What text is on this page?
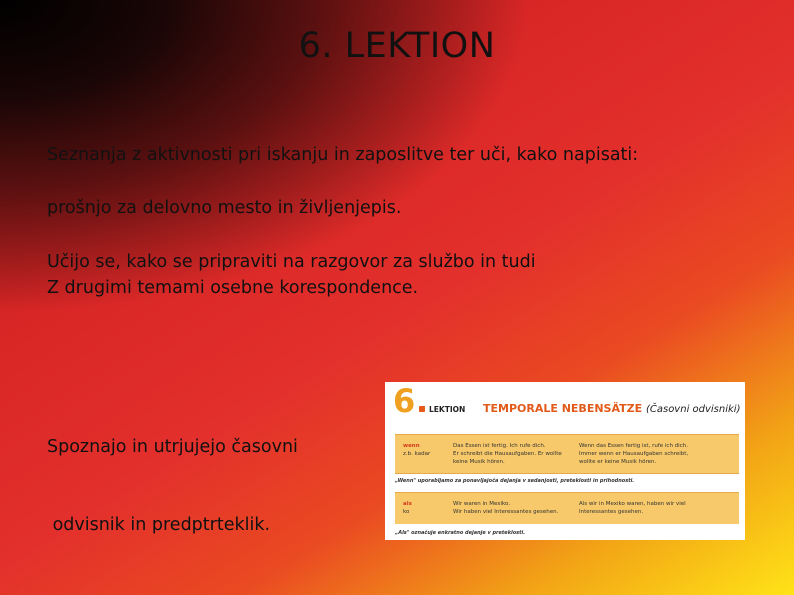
6. LEKTION
Seznanja z aktivnosti pri iskanju in zaposlitve ter uči, kako napisati:
prošnjo za delovno mesto in življenjepis.
Učijo se, kako se pripraviti na razgovor za službo in tudi
Z drugimi temami osebne korespondence.

Spoznajo in utrjujejo časovni

odvisnik in predptrteklik.

6 LEKTION TEMPORALE NEBENSÄTZE (Časovni odvisniki)
wenn
z.b. kadar
Das Essen ist fertig. Ich rufe dich.
Er schreibt die Hausaufgaben. Er wollte
keine Musik hören.
Wenn das Essen fertig ist, rufe ich dich.
Immer wenn er Hausaufgaben schreibt,
wollte er keine Musik hören.
„Wenn" uporabljamo za ponavljajoča dejanja v sedanjosti, preteklosti in prihodnosti.
als
ko
Wir waren in Mexiko.
Wir haben viel Interessantes gesehen.
Als wir in Mexiko waren, haben wir viel
Interessantes gesehen.
„Als" označuje enkratno dejanje v preteklosti.
